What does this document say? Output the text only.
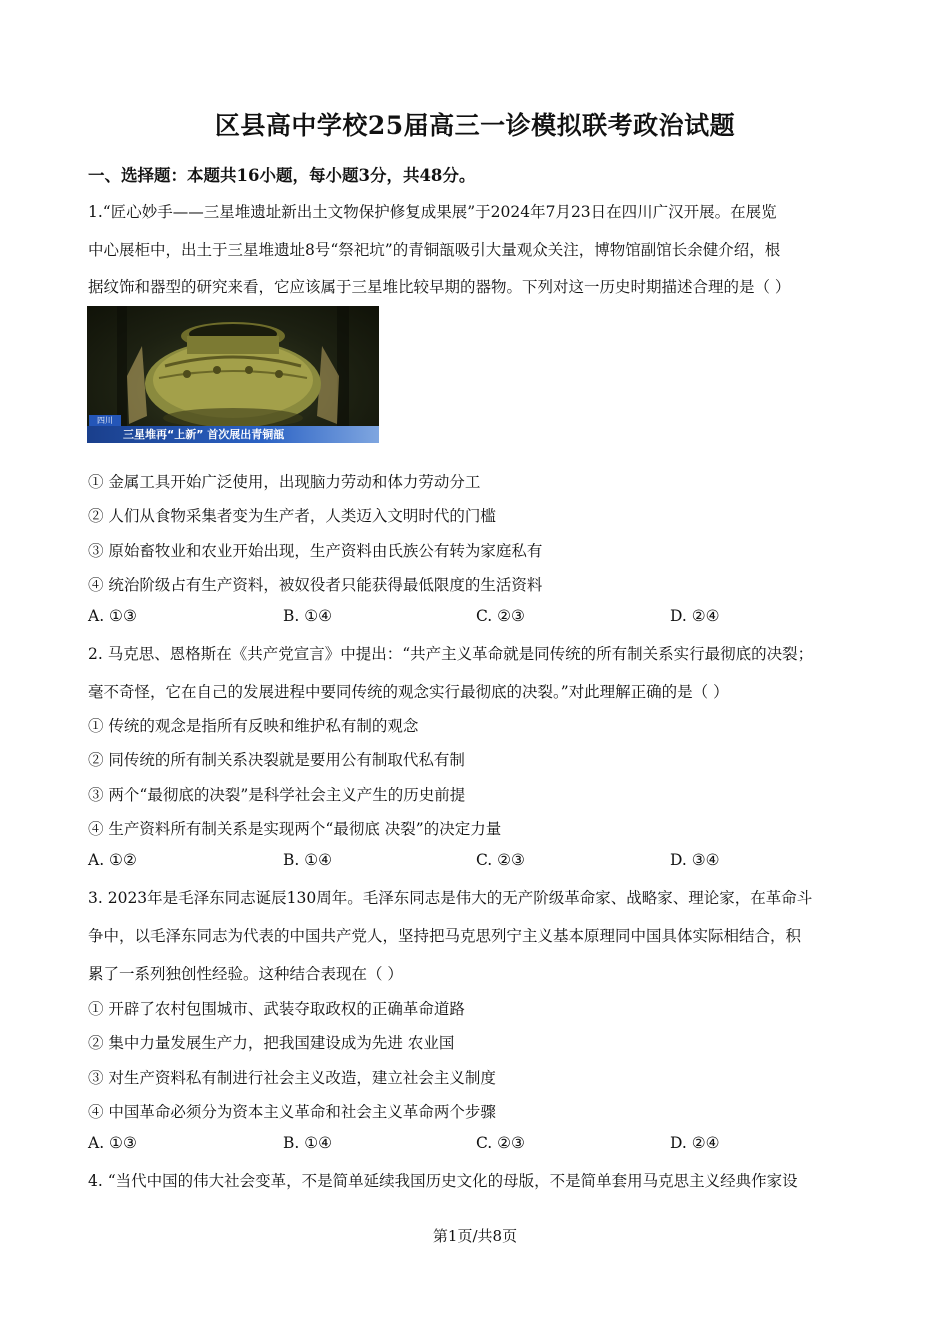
区县高中学校25届高三一诊模拟联考政治试题
一、选择题：本题共16小题，每小题3分，共48分。
1.“匠心妙手——三星堆遗址新出土文物保护修复成果展”于2024年7月23日在四川广汉开展。在展览
中心展柜中，出土于三星堆遗址8号“祭祀坑”的青铜瓿吸引大量观众关注，博物馆副馆长余健介绍，根
据纹饰和器型的研究来看，它应该属于三星堆比较早期的器物。下列对这一历史时期描述合理的是（ ）
四川
三星堆再“上新” 首次展出青铜瓿
① 金属工具开始广泛使用，出现脑力劳动和体力劳动分工
② 人们从食物采集者变为生产者，人类迈入文明时代的门槛
③ 原始畜牧业和农业开始出现，生产资料由氏族公有转为家庭私有
④ 统治阶级占有生产资料，被奴役者只能获得最低限度的生活资料
A. ①③	B. ①④	C. ②③	D. ②④
2. 马克思、恩格斯在《共产党宣言》中提出：“共产主义革命就是同传统的所有制关系实行最彻底的决裂；
毫不奇怪，它在自己的发展进程中要同传统的观念实行最彻底的决裂。”对此理解正确的是（ ）
① 传统的观念是指所有反映和维护私有制的观念
② 同传统的所有制关系决裂就是要用公有制取代私有制
③ 两个“最彻底的决裂”是科学社会主义产生的历史前提
④ 生产资料所有制关系是实现两个“最彻底 决裂”的决定力量
A. ①②	B. ①④	C. ②③	D. ③④
3. 2023年是毛泽东同志诞辰130周年。毛泽东同志是伟大的无产阶级革命家、战略家、理论家，在革命斗
争中，以毛泽东同志为代表的中国共产党人，坚持把马克思列宁主义基本原理同中国具体实际相结合，积
累了一系列独创性经验。这种结合表现在（ ）
① 开辟了农村包围城市、武装夺取政权的正确革命道路
② 集中力量发展生产力，把我国建设成为先进 农业国
③ 对生产资料私有制进行社会主义改造，建立社会主义制度
④ 中国革命必须分为资本主义革命和社会主义革命两个步骤
A. ①③	B. ①④	C. ②③	D. ②④
4. “当代中国的伟大社会变革，不是简单延续我国历史文化的母版，不是简单套用马克思主义经典作家设
第1页/共8页
